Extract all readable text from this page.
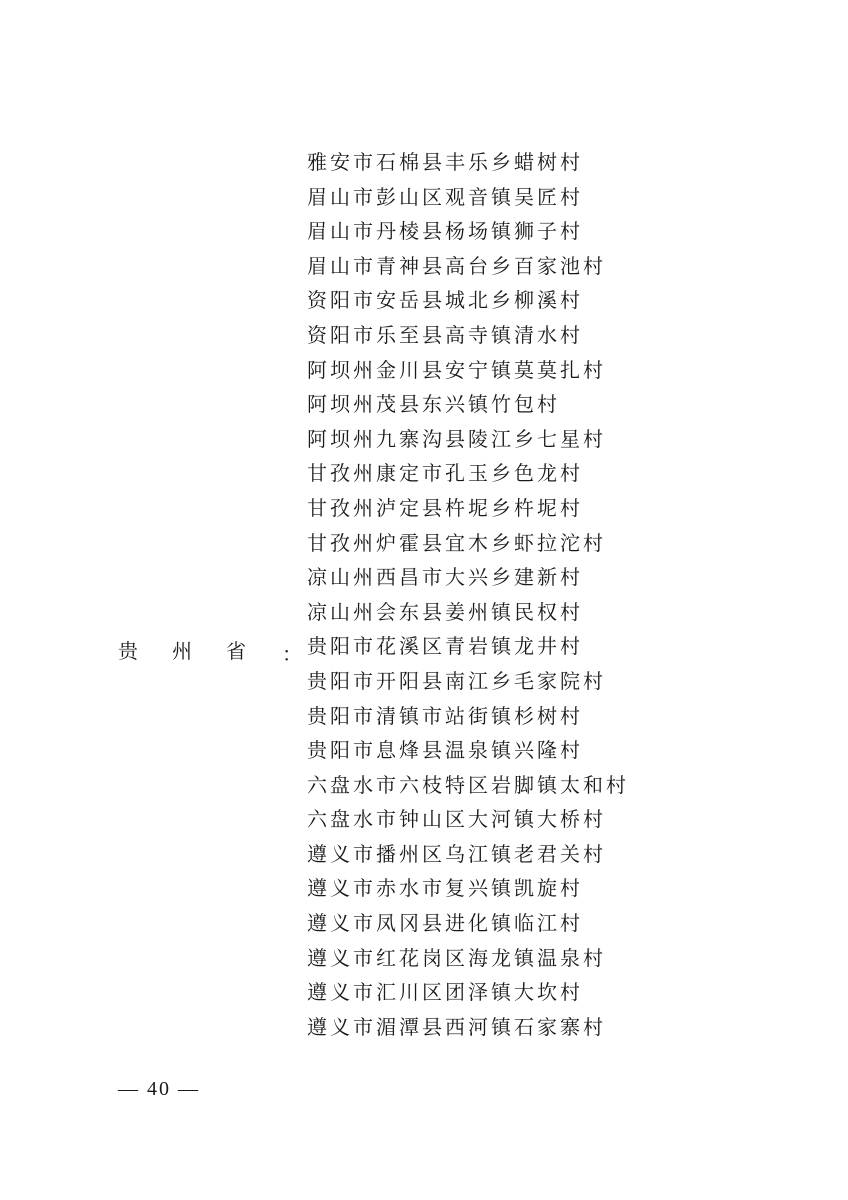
雅安市石棉县丰乐乡蜡树村
眉山市彭山区观音镇吴匠村
眉山市丹棱县杨场镇狮子村
眉山市青神县高台乡百家池村
资阳市安岳县城北乡柳溪村
资阳市乐至县高寺镇清水村
阿坝州金川县安宁镇莫莫扎村
阿坝州茂县东兴镇竹包村
阿坝州九寨沟县陵江乡七星村
甘孜州康定市孔玉乡色龙村
甘孜州泸定县杵坭乡杵坭村
甘孜州炉霍县宜木乡虾拉沱村
凉山州西昌市大兴乡建新村
凉山州会东县姜州镇民权村
贵阳市花溪区青岩镇龙井村
贵阳市开阳县南江乡毛家院村
贵阳市清镇市站街镇杉树村
贵阳市息烽县温泉镇兴隆村
六盘水市六枝特区岩脚镇太和村
六盘水市钟山区大河镇大桥村
遵义市播州区乌江镇老君关村
遵义市赤水市复兴镇凯旋村
遵义市凤冈县进化镇临江村
遵义市红花岗区海龙镇温泉村
遵义市汇川区团泽镇大坎村
遵义市湄潭县西河镇石家寨村
贵州省 ：
— 40 —
